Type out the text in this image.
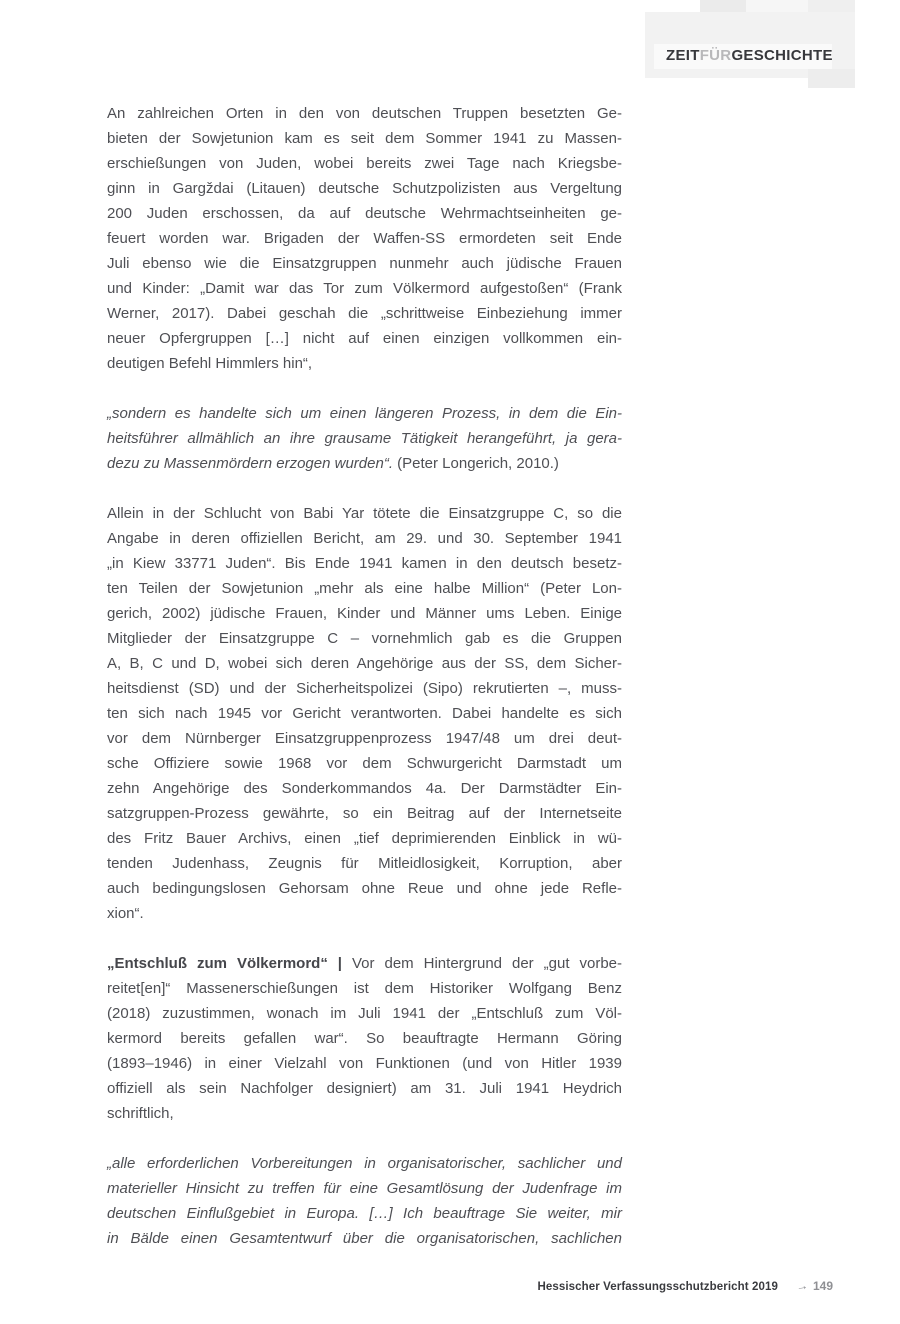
ZEITFÜRGESCHICHTE
An zahlreichen Orten in den von deutschen Truppen besetzten Ge-
bieten der Sowjetunion kam es seit dem Sommer 1941 zu Massen-
erschießungen von Juden, wobei bereits zwei Tage nach Kriegsbe-
ginn in Gargždai (Litauen) deutsche Schutzpolizisten aus Vergeltung
200 Juden erschossen, da auf deutsche Wehrmachtseinheiten ge-
feuert worden war. Brigaden der Waffen-SS ermordeten seit Ende
Juli ebenso wie die Einsatzgruppen nunmehr auch jüdische Frauen
und Kinder: „Damit war das Tor zum Völkermord aufgestoßen“ (Frank
Werner, 2017). Dabei geschah die „schrittweise Einbeziehung immer
neuer Opfergruppen […] nicht auf einen einzigen vollkommen ein-
deutigen Befehl Himmlers hin“,
„sondern es handelte sich um einen längeren Prozess, in dem die Ein-
heitsführer allmählich an ihre grausame Tätigkeit herangeführt, ja gera-
dezu zu Massenmördern erzogen wurden“. (Peter Longerich, 2010.)
Allein in der Schlucht von Babi Yar tötete die Einsatzgruppe C, so die
Angabe in deren offiziellen Bericht, am 29. und 30. September 1941
„in Kiew 33771 Juden“. Bis Ende 1941 kamen in den deutsch besetz-
ten Teilen der Sowjetunion „mehr als eine halbe Million“ (Peter Lon-
gerich, 2002) jüdische Frauen, Kinder und Männer ums Leben. Einige
Mitglieder der Einsatzgruppe C – vornehmlich gab es die Gruppen
A, B, C und D, wobei sich deren Angehörige aus der SS, dem Sicher-
heitsdienst (SD) und der Sicherheitspolizei (Sipo) rekrutierten –, muss-
ten sich nach 1945 vor Gericht verantworten. Dabei handelte es sich
vor dem Nürnberger Einsatzgruppenprozess 1947/48 um drei deut-
sche Offiziere sowie 1968 vor dem Schwurgericht Darmstadt um
zehn Angehörige des Sonderkommandos 4a. Der Darmstädter Ein-
satzgruppen-Prozess gewährte, so ein Beitrag auf der Internetseite
des Fritz Bauer Archivs, einen „tief deprimierenden Einblick in wü-
tenden Judenhass, Zeugnis für Mitleidlosigkeit, Korruption, aber
auch bedingungslosen Gehorsam ohne Reue und ohne jede Refle-
xion“.
„Entschluß zum Völkermord“ | Vor dem Hintergrund der „gut vorbe-
reitet[en]“ Massenerschießungen ist dem Historiker Wolfgang Benz
(2018) zuzustimmen, wonach im Juli 1941 der „Entschluß zum Völ-
kermord bereits gefallen war“. So beauftragte Hermann Göring
(1893–1946) in einer Vielzahl von Funktionen (und von Hitler 1939
offiziell als sein Nachfolger designiert) am 31. Juli 1941 Heydrich
schriftlich,
„alle erforderlichen Vorbereitungen in organisatorischer, sachlicher und
materieller Hinsicht zu treffen für eine Gesamtlösung der Judenfrage im
deutschen Einflußgebiet in Europa. […] Ich beauftrage Sie weiter, mir
in Bälde einen Gesamtentwurf über die organisatorischen, sachlichen
Hessischer Verfassungsschutzbericht 2019 → 149
